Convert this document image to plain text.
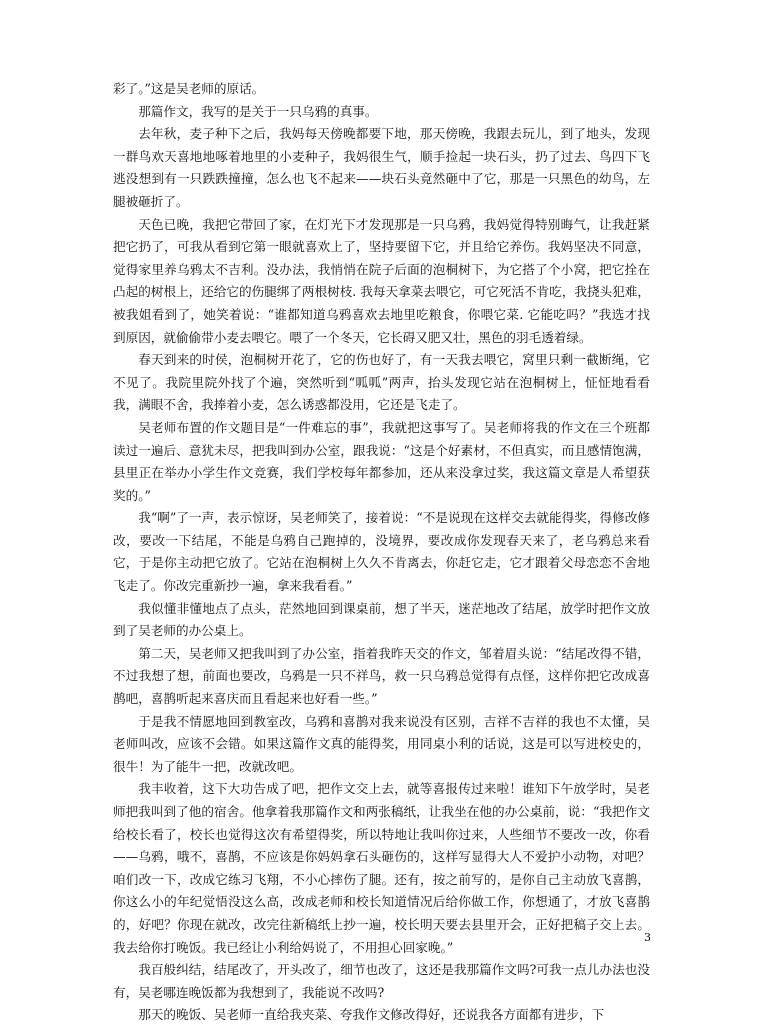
彩了。”这是吴老师的原话。

那篇作文，我写的是关于一只乌鸦的真事。

去年秋，麦子种下之后，我妈每天傍晚都要下地，那天傍晚，我跟去玩儿，到了地头，发现一群鸟欢天喜地地啄着地里的小麦种子，我妈很生气，顺手捡起一块石头，扔了过去、鸟四下飞逃没想到有一只跌跌撞撞，怎么也飞不起来——块石头竟然砸中了它，那是一只黑色的幼鸟，左腿被砸折了。

天色已晚，我把它带回了家，在灯光下才发现那是一只乌鸦，我妈觉得特别晦气，让我赶紧把它扔了，可我从看到它第一眼就喜欢上了，坚持要留下它，并且给它养伤。我妈坚决不同意，觉得家里养乌鸦太不吉利。没办法，我悄悄在院子后面的泡桐树下，为它搭了个小窝，把它拴在凸起的树根上，还给它的伤腿绑了两根树枝. 我每天拿菜去喂它，可它死活不肯吃，我挠头犯难，被我姐看到了，她笑着说：“谁都知道乌鸦喜欢去地里吃粮食，你喂它菜. 它能吃吗？”我选才找到原因，就偷偷带小麦去喂它。喂了一个冬天，它长碍又肥又壮，黑色的羽毛透着绿。

春天到来的时侯，泡桐树开花了，它的伤也好了，有一天我去喂它，窝里只剩一截断绳，它不见了。我院里院外找了个遍，突然听到“呱呱”两声，抬头发现它站在泡桐树上，怔怔地看看我，满眼不舍，我捧着小麦，怎么诱惑都没用，它还是飞走了。

吴老师布置的作文题目是“一件难忘的事”，我就把这事写了。吴老师将我的作文在三个班都读过一遍后、意犹未尽，把我叫到办公室，跟我说：“这是个好素材，不但真实，而且感情饱满，县里正在举办小学生作文竞赛，我们学校每年都参加，还从来没拿过奖，我这篇文章是人希望获奖的。”

我“啊”了一声，表示惊讶，吴老师笑了，接着说：“不是说现在这样交去就能得奖，得修改修改，要改一下结尾，不能是乌鸦自己跑掉的，没境界，要改成你发现春天来了，老乌鸦总来看它，于是你主动把它放了。它站在泡桐树上久久不肯离去，你赶它走，它才跟着父母恋恋不舍地飞走了。你改完重新抄一遍，拿来我看看。”

我似懂非懂地点了点头，茫然地回到课桌前，想了半天，迷茫地改了结尾，放学时把作文放到了吴老师的办公桌上。

第二天，吴老师又把我叫到了办公室，指着我昨天交的作文，邹着眉头说：“结尾改得不错，不过我想了想，前面也要改，乌鸦是一只不祥鸟，救一只乌鸦总觉得有点怪，这样你把它改成喜鹊吧，喜鹊听起来喜庆而且看起来也好看一些。”

于是我不情愿地回到教室改，乌鸦和喜鹊对我来说没有区别，吉祥不吉祥的我也不太懂，吴老师叫改，应该不会错。如果这篇作文真的能得奖，用同桌小利的话说，这是可以写进校史的，很牛！为了能牛一把，改就改吧。

我丰收着，这下大功告成了吧，把作文交上去，就等喜报传过来啦！谁知下午放学时，吴老师把我叫到了他的宿舍。他拿着我那篇作文和两张稿纸，让我坐在他的办公桌前，说：“我把作文给校长看了，校长也觉得这次有希望得奖，所以特地让我叫你过来，人些细节不要改一改，你看——乌鸦，哦不，喜鹊，不应该是你妈妈拿石头砸伤的，这样写显得大人不爱护小动物，对吧？咱们改一下，改成它练习飞翔，不小心摔伤了腿。还有，按之前写的，是你自己主动放飞喜鹊，你这么小的年纪觉悟没这么高，改成老师和校长知道情况后给你做工作，你想通了，才放飞喜鹊的，好吧？你现在就改，改完往新稿纸上抄一遍，校长明天要去县里开会，正好把稿子交上去。我去给你打晚饭。我已经让小利给妈说了，不用担心回家晚。”

我百般纠结，结尾改了，开头改了，细节也改了，这还是我那篇作文吗?可我一点儿办法也没有，吴老哪连晚饭都为我想到了，我能说不改吗?

那天的晚饭、吴老师一直给我夹菜、夸我作文修改得好，还说我各方面都有进步，下

3
